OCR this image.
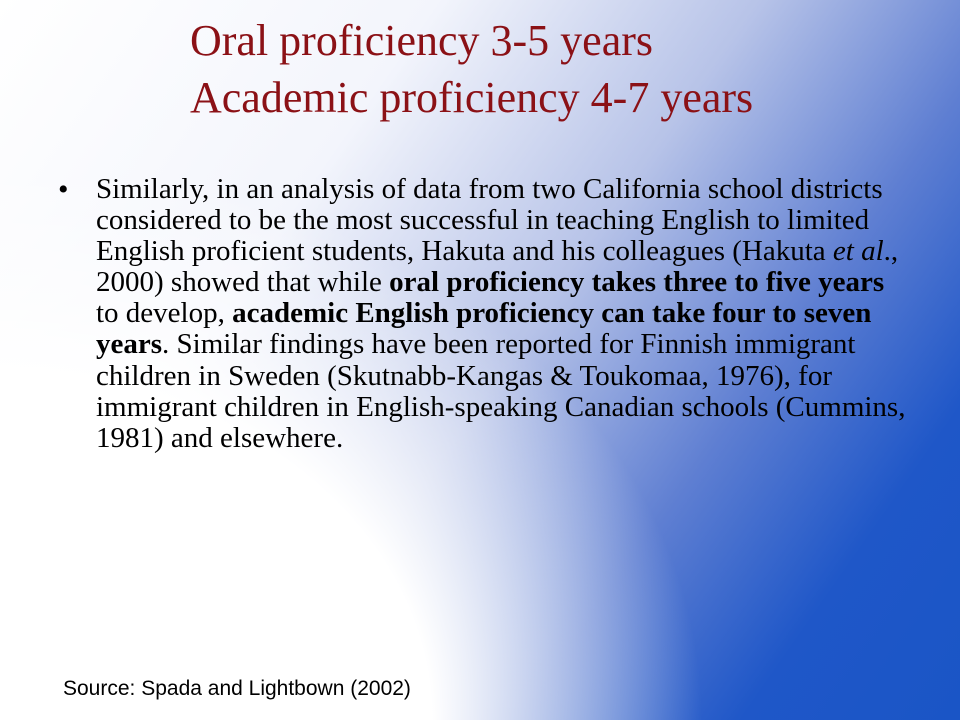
Oral proficiency 3-5 years
Academic proficiency 4-7 years
• Similarly, in an analysis of data from two California school districts considered to be the most successful in teaching English to limited English proficient students, Hakuta and his colleagues (Hakuta et al., 2000) showed that while oral proficiency takes three to five years to develop, academic English proficiency can take four to seven years. Similar findings have been reported for Finnish immigrant children in Sweden (Skutnabb-Kangas & Toukomaa, 1976), for immigrant children in English-speaking Canadian schools (Cummins, 1981) and elsewhere.

Source: Spada and Lightbown (2002)
